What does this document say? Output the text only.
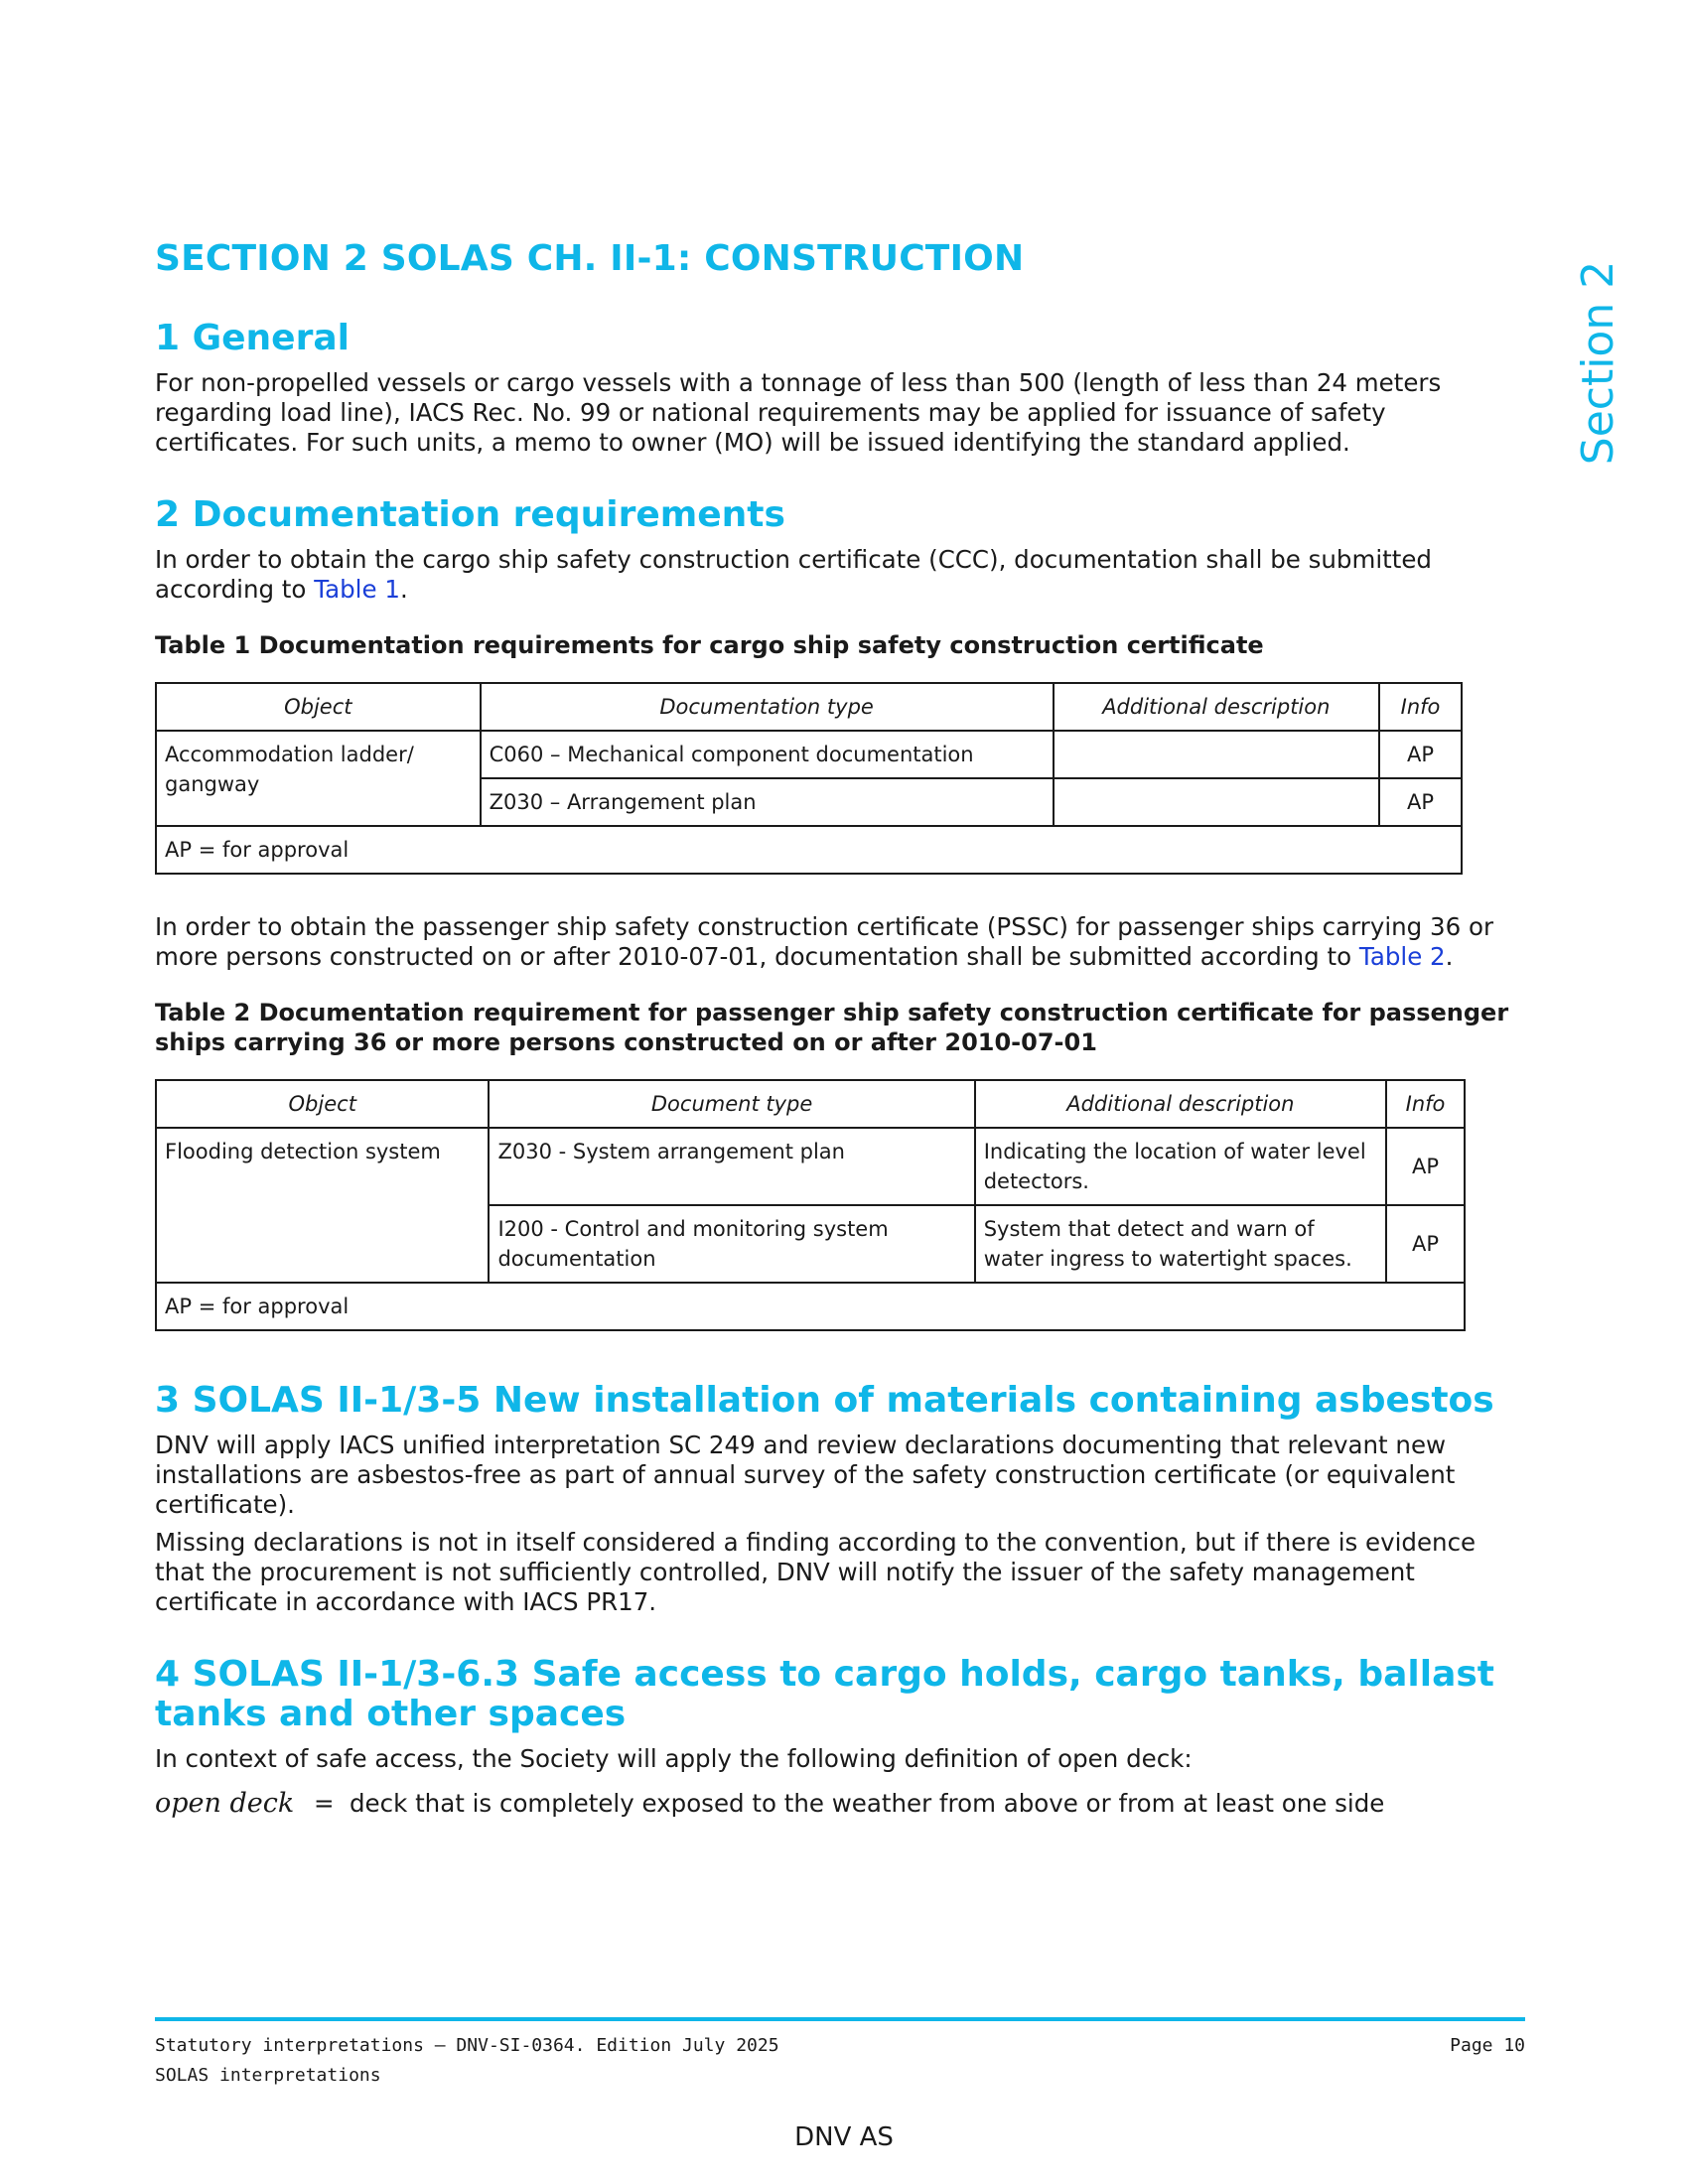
Section 2
SECTION 2 SOLAS CH. II-1: CONSTRUCTION
1 General

For non-propelled vessels or cargo vessels with a tonnage of less than 500 (length of less than 24 meters regarding load line), IACS Rec. No. 99 or national requirements may be applied for issuance of safety certificates. For such units, a memo to owner (MO) will be issued identifying the standard applied.

2 Documentation requirements

In order to obtain the cargo ship safety construction certificate (CCC), documentation shall be submitted according to Table 1.

Table 1 Documentation requirements for cargo ship safety construction certificate
Object	Documentation type	Additional description	Info
Accommodation ladder/ gangway	C060 – Mechanical component documentation		AP
	Z030 – Arrangement plan		AP
AP = for approval			

In order to obtain the passenger ship safety construction certificate (PSSC) for passenger ships carrying 36 or more persons constructed on or after 2010-07-01, documentation shall be submitted according to Table 2.

Table 2 Documentation requirement for passenger ship safety construction certificate for passenger ships carrying 36 or more persons constructed on or after 2010-07-01
Object	Document type	Additional description	Info
Flooding detection system	Z030 - System arrangement plan	Indicating the location of water level detectors.	AP
	I200 - Control and monitoring system documentation	System that detect and warn of water ingress to watertight spaces.	AP
AP = for approval			
3 SOLAS II-1/3-5 New installation of materials containing asbestos

DNV will apply IACS unified interpretation SC 249 and review declarations documenting that relevant new installations are asbestos-free as part of annual survey of the safety construction certificate (or equivalent certificate).

Missing declarations is not in itself considered a finding according to the convention, but if there is evidence that the procurement is not sufficiently controlled, DNV will notify the issuer of the safety management certificate in accordance with IACS PR17.

4 SOLAS II-1/3-6.3 Safe access to cargo holds, cargo tanks, ballast tanks and other spaces

In context of safe access, the Society will apply the following definition of open deck:

open deck = deck that is completely exposed to the weather from above or from at least one side
Statutory interpretations — DNV-SI-0364. Edition July 2025	Page 10
SOLAS interpretations
DNV AS
